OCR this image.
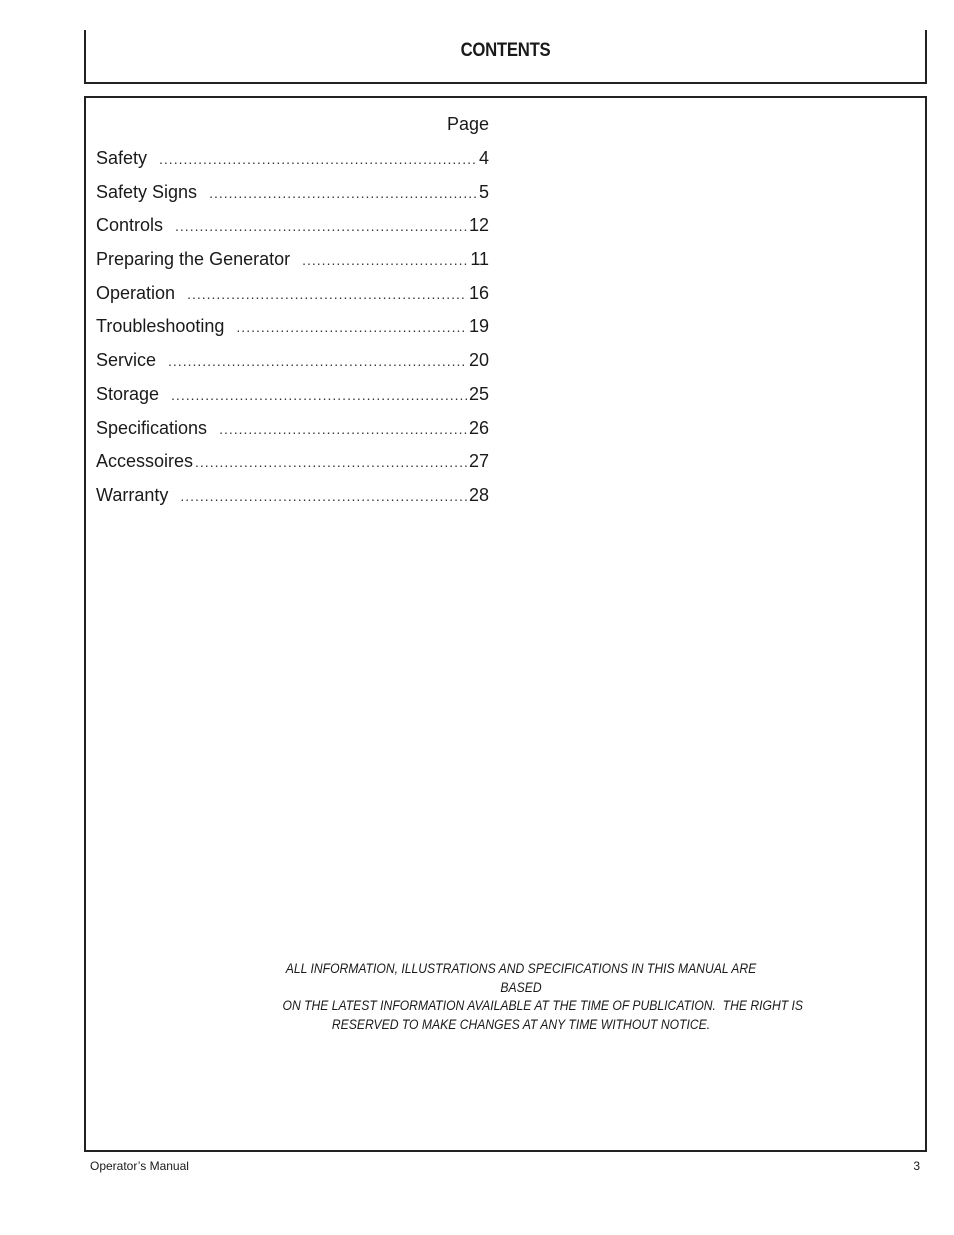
CONTENTS
Page
Safety .....	4
Safety Signs .....	5
Controls .....	12
Preparing the Generator .....	11
Operation .....	16
Troubleshooting .....	19
Service .....	20
Storage .....	25
Specifications .....	26
Accessoires .....	27
Warranty .....	28
ALL INFORMATION, ILLUSTRATIONS AND SPECIFICATIONS IN THIS MANUAL ARE BASED
ON THE LATEST INFORMATION AVAILABLE AT THE TIME OF PUBLICATION.  THE RIGHT IS
RESERVED TO MAKE CHANGES AT ANY TIME WITHOUT NOTICE.
Operator’s Manual	3
